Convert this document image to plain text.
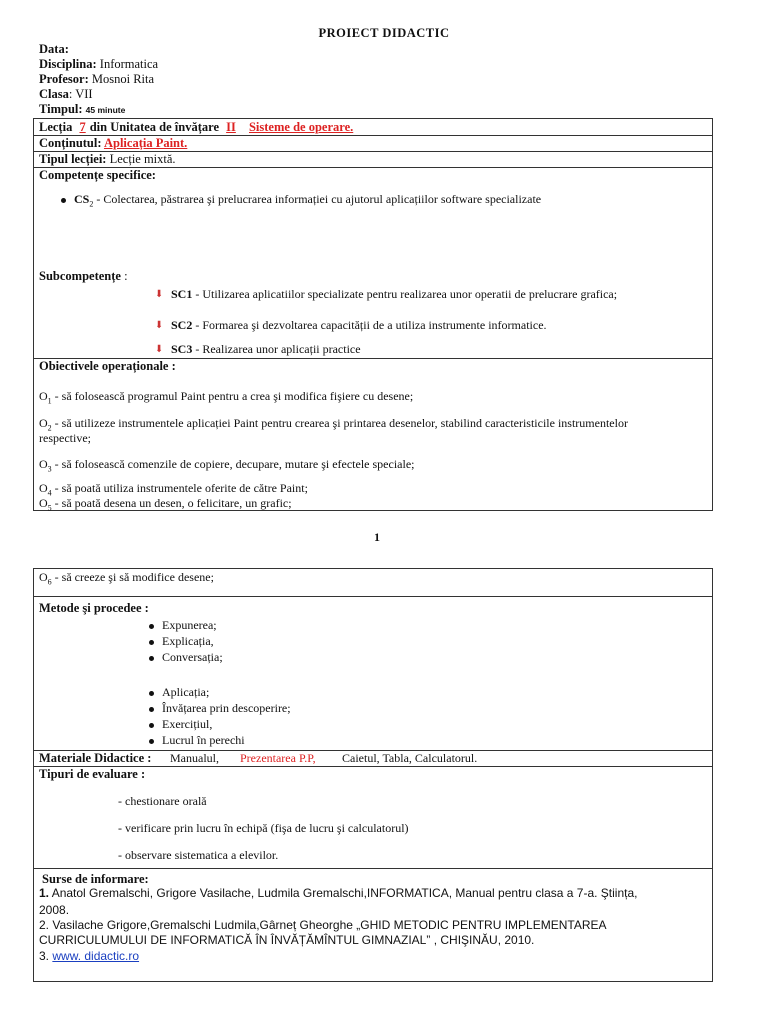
PROIECT DIDACTIC
Data:
Disciplina: Informatica
Profesor: Mosnoi Rita
Clasa: VII
Timpul: 45 minute
Lecția 7 din Unitatea de învățare II Sisteme de operare.
Conținutul: Aplicația Paint.
Tipul lecției: Lecție mixtă.
Competențe specifice:
$CS_2$ - Colectarea, păstrarea şi prelucrarea informației cu ajutorul aplicațiilor software specializate
Subcompetențe :
⬇ SC1 - Utilizarea aplicatiilor specializate pentru realizarea unor operatii de prelucrare grafica;
⬇ SC2 - Formarea şi dezvoltarea capacității de a utiliza instrumente informatice.
⬇ SC3 - Realizarea unor aplicații practice
Obiectivele operaționale :
$O_1$ - să folosească programul Paint pentru a crea şi modifica fişiere cu desene;
$O_2$ - să utilizeze instrumentele aplicației Paint pentru crearea şi printarea desenelor, stabilind caracteristicile instrumentelor
respective;
$O_3$ - să folosească comenzile de copiere, decupare, mutare şi efectele speciale;
$O_4$ - să poată utiliza instrumentele oferite de către Paint;
$O_5$ - să poată desena un desen, o felicitare, un grafic;
1
$O_6$ - să creeze şi să modifice desene;
Metode şi procedee :
Expunerea;
Explicația,
Conversația;
Aplicația;
Învățarea prin descoperire;
Exercițiul,
Lucrul în perechi
Materiale Didactice : Manualul, Prezentarea P.P, Caietul, Tabla, Calculatorul.
Tipuri de evaluare :
- chestionare orală
- verificare prin lucru în echipă (fişa de lucru şi calculatorul)
- observare sistematica a elevilor.
Surse de informare:
1. Anatol Gremalschi, Grigore Vasilache, Ludmila Gremalschi,INFORMATICA, Manual pentru clasa a 7-a. Ştiința,
2008.
2. Vasilache Grigore,Gremalschi Ludmila,Gârneț Gheorghe „GHID METODIC PENTRU IMPLEMENTAREA
CURRICULUMULUI DE INFORMATICĂ ÎN ÎNVĂȚĂMÎNTUL GIMNAZIAL” , CHIŞINĂU, 2010.
3. www. didactic.ro
